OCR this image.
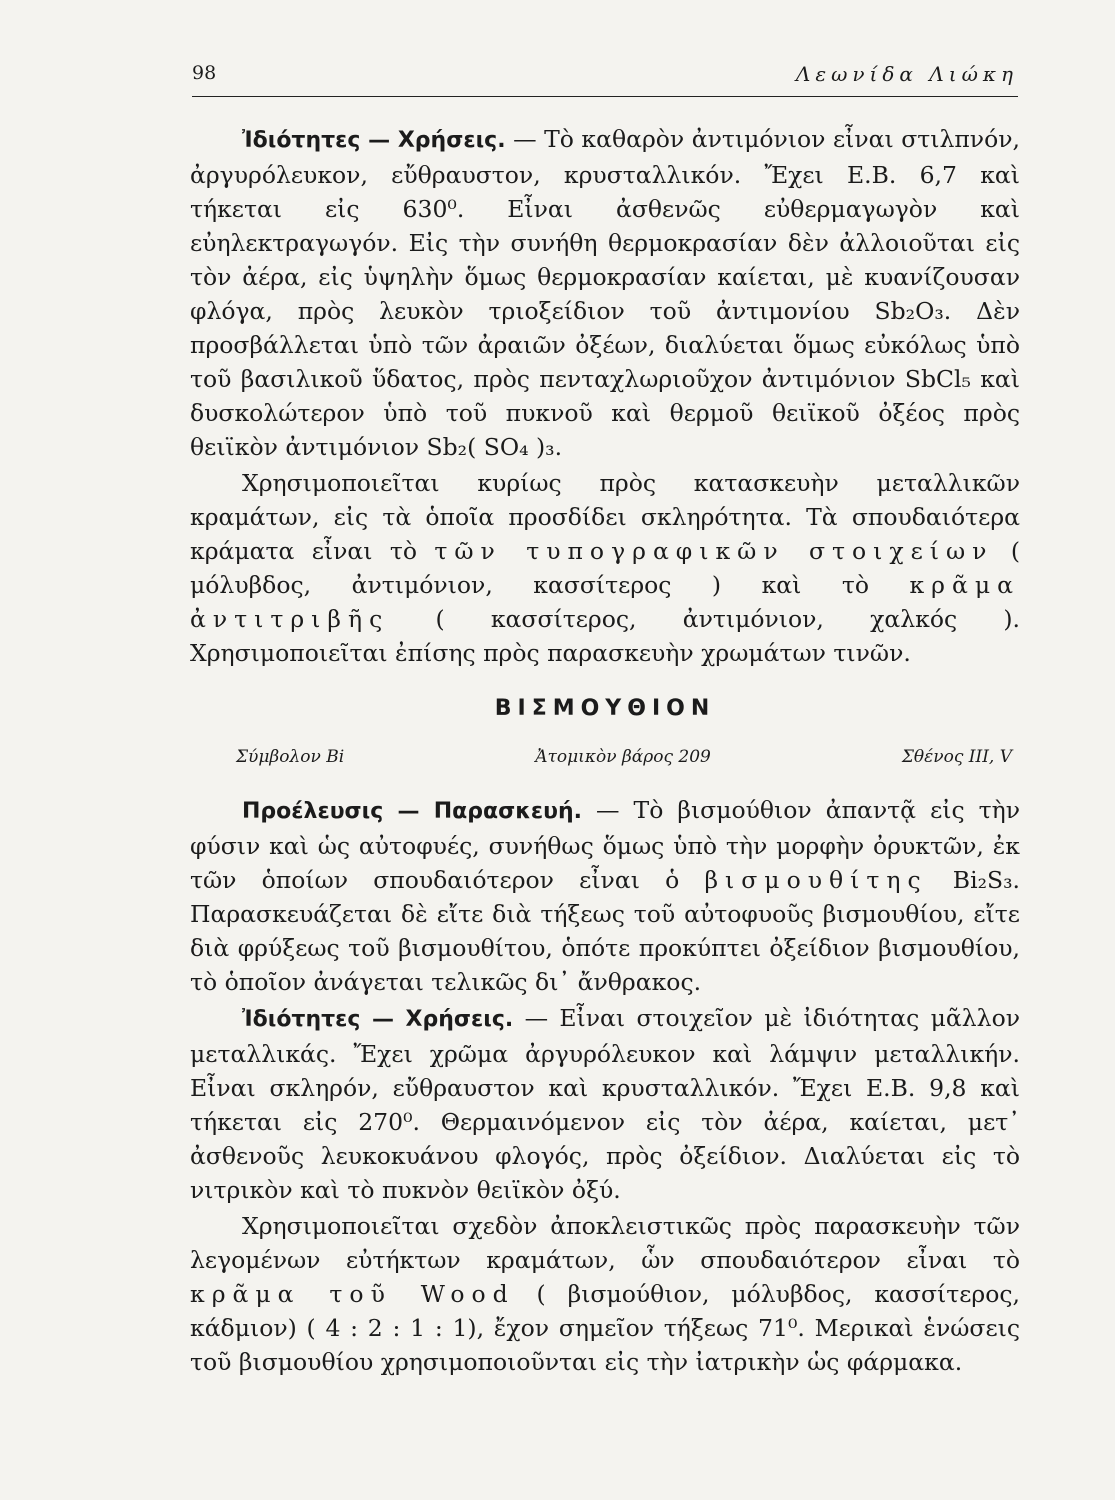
98	Λεωνίδα Λιώκη

Ἰδιότητες — Χρήσεις. — Τὸ καθαρὸν ἀντιμόνιον εἶναι στιλπνόν, ἀργυρόλευκον, εὔθραυστον, κρυσταλλικόν. Ἔχει Ε.Β. 6,7 καὶ τήκεται εἰς 630⁰. Εἶναι ἀσθενῶς εὐθερμαγωγὸν καὶ εὐηλεκτραγωγόν. Εἰς τὴν συνήθη θερμοκρασίαν δὲν ἀλλοιοῦται εἰς τὸν ἀέρα, εἰς ὑψηλὴν ὅμως θερμοκρασίαν καίεται, μὲ κυανίζουσαν φλόγα, πρὸς λευκὸν τριοξείδιον τοῦ ἀντιμονίου Sb₂O₃. Δὲν προσβάλλεται ὑπὸ τῶν ἀραιῶν ὀξέων, διαλύεται ὅμως εὐκόλως ὑπὸ τοῦ βασιλικοῦ ὕδατος, πρὸς πενταχλωριοῦχον ἀντιμόνιον SbCl₅ καὶ δυσκολώτερον ὑπὸ τοῦ πυκνοῦ καὶ θερμοῦ θειϊκοῦ ὀξέος πρὸς θειϊκὸν ἀντιμόνιον Sb₂( SO₄ )₃.

Χρησιμοποιεῖται κυρίως πρὸς κατασκευὴν μεταλλικῶν κραμάτων, εἰς τὰ ὁποῖα προσδίδει σκληρότητα. Τὰ σπουδαιότερα κράματα εἶναι τὸ τῶν τυπογραφικῶν στοιχείων ( μόλυβδος, ἀντιμόνιον, κασσίτερος ) καὶ τὸ κρᾶμα ἀντιτριβῆς ( κασσίτερος, ἀντιμόνιον, χαλκός ). Χρησιμοποιεῖται ἐπίσης πρὸς παρασκευὴν χρωμάτων τινῶν.

ΒΙΣΜΟΥΘΙΟΝ
Σύμβολον Bi	Ἀτομικὸν βάρος 209	Σθένος III, V

Προέλευσις — Παρασκευή. — Τὸ βισμούθιον ἀπαντᾷ εἰς τὴν φύσιν καὶ ὡς αὐτοφυές, συνήθως ὅμως ὑπὸ τὴν μορφὴν ὀρυκτῶν, ἐκ τῶν ὁποίων σπουδαιότερον εἶναι ὁ βισμουθίτης Bi₂S₃. Παρασκευάζεται δὲ εἴτε διὰ τήξεως τοῦ αὐτοφυοῦς βισμουθίου, εἴτε διὰ φρύξεως τοῦ βισμουθίτου, ὁπότε προκύπτει ὀξείδιον βισμουθίου, τὸ ὁποῖον ἀνάγεται τελικῶς δι᾿ ἄνθρακος.

Ἰδιότητες — Χρήσεις. — Εἶναι στοιχεῖον μὲ ἰδιότητας μᾶλλον μεταλλικάς. Ἔχει χρῶμα ἀργυρόλευκον καὶ λάμψιν μεταλλικήν. Εἶναι σκληρόν, εὔθραυστον καὶ κρυσταλλικόν. Ἔχει Ε.Β. 9,8 καὶ τήκεται εἰς 270⁰. Θερμαινόμενον εἰς τὸν ἀέρα, καίεται, μετ᾿ ἀσθενοῦς λευκοκυάνου φλογός, πρὸς ὀξείδιον. Διαλύεται εἰς τὸ νιτρικὸν καὶ τὸ πυκνὸν θειϊκὸν ὀξύ.

Χρησιμοποιεῖται σχεδὸν ἀποκλειστικῶς πρὸς παρασκευὴν τῶν λεγομένων εὐτήκτων κραμάτων, ὧν σπουδαιότερον εἶναι τὸ κρᾶμα τοῦ Wood ( βισμούθιον, μόλυβδος, κασσίτερος, κάδμιον) ( 4 : 2 : 1 : 1), ἔχον σημεῖον τήξεως 71⁰. Μερικαὶ ἑνώσεις τοῦ βισμουθίου χρησιμοποιοῦνται εἰς τὴν ἰατρικὴν ὡς φάρμακα.
